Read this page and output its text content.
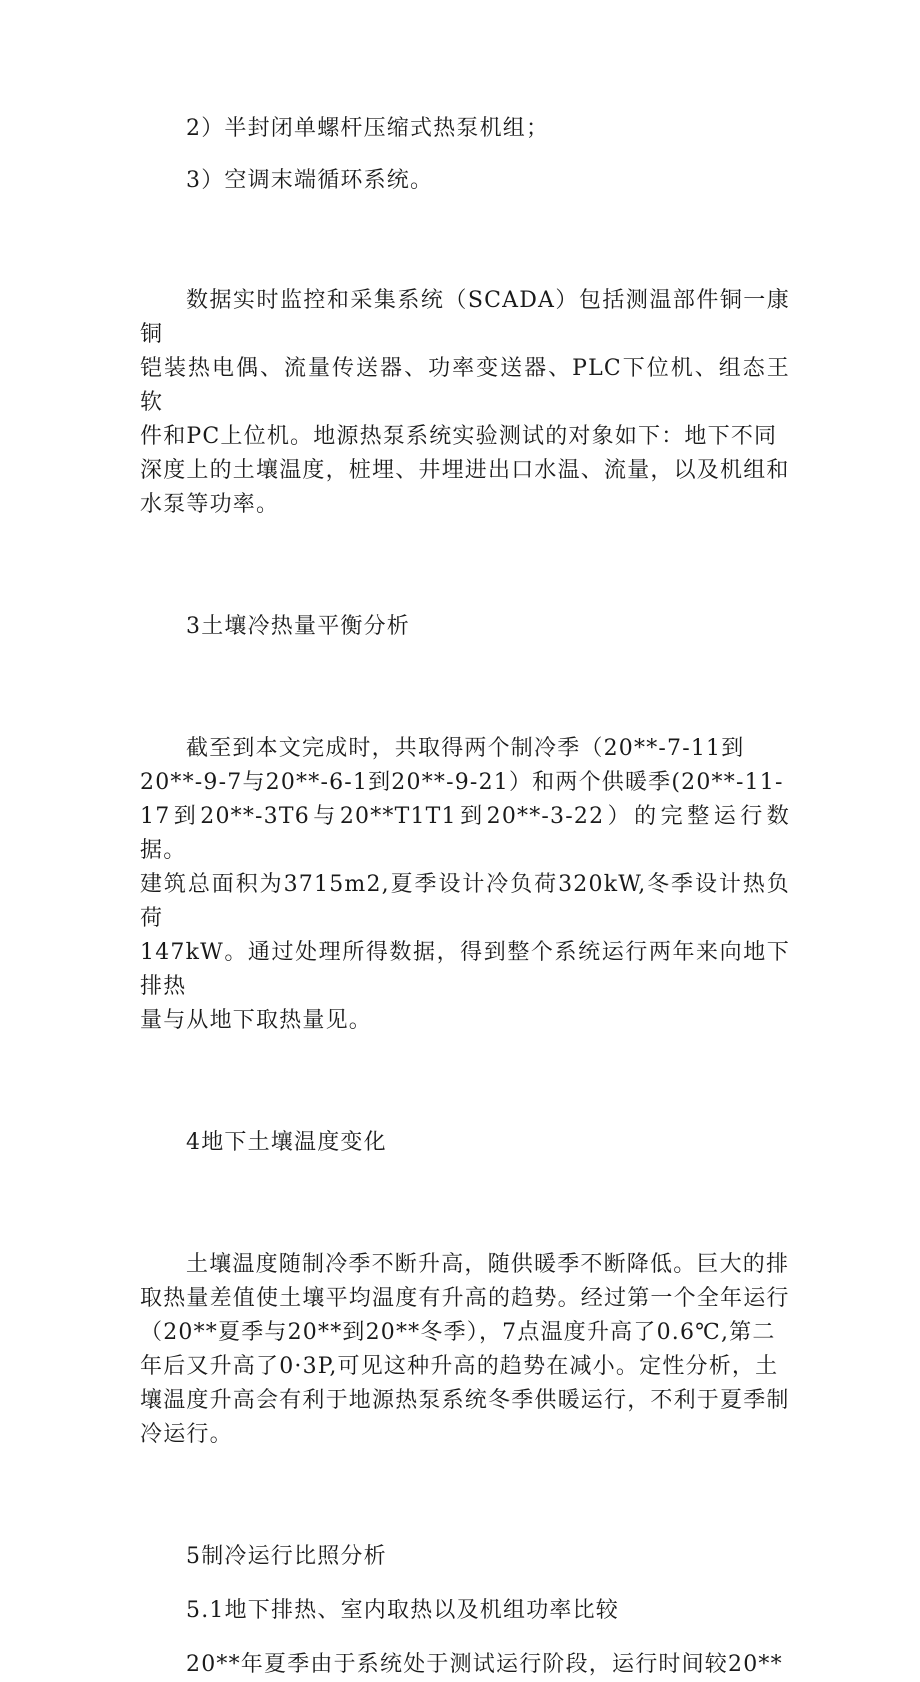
2）半封闭单螺杆压缩式热泵机组；

3）空调末端循环系统。

数据实时监控和采集系统（SCADA）包括测温部件铜一康铜
铠装热电偶、流量传送器、功率变送器、PLC下位机、组态王软
件和PC上位机。地源热泵系统实验测试的对象如下：地下不同
深度上的土壤温度，桩埋、井埋进出口水温、流量，以及机组和
水泵等功率。

3土壤冷热量平衡分析

截至到本文完成时，共取得两个制冷季（20**-7-11到
20**-9-7与20**-6-1到20**-9-21）和两个供暖季(20**-11-
17到20**-3T6与20**T1T1到20**-3-22）的完整运行数据。
建筑总面积为3715m2,夏季设计冷负荷320kW,冬季设计热负荷
147kW。通过处理所得数据，得到整个系统运行两年来向地下排热
量与从地下取热量见。

4地下土壤温度变化

土壤温度随制冷季不断升高，随供暖季不断降低。巨大的排
取热量差值使土壤平均温度有升高的趋势。经过第一个全年运行
（20**夏季与20**到20**冬季），7点温度升高了0.6℃,第二
年后又升高了0·3P,可见这种升高的趋势在减小。定性分析，土
壤温度升高会有利于地源热泵系统冬季供暖运行，不利于夏季制
冷运行。

5制冷运行比照分析

5.1地下排热、室内取热以及机组功率比较

20**年夏季由于系统处于测试运行阶段，运行时间较20**
